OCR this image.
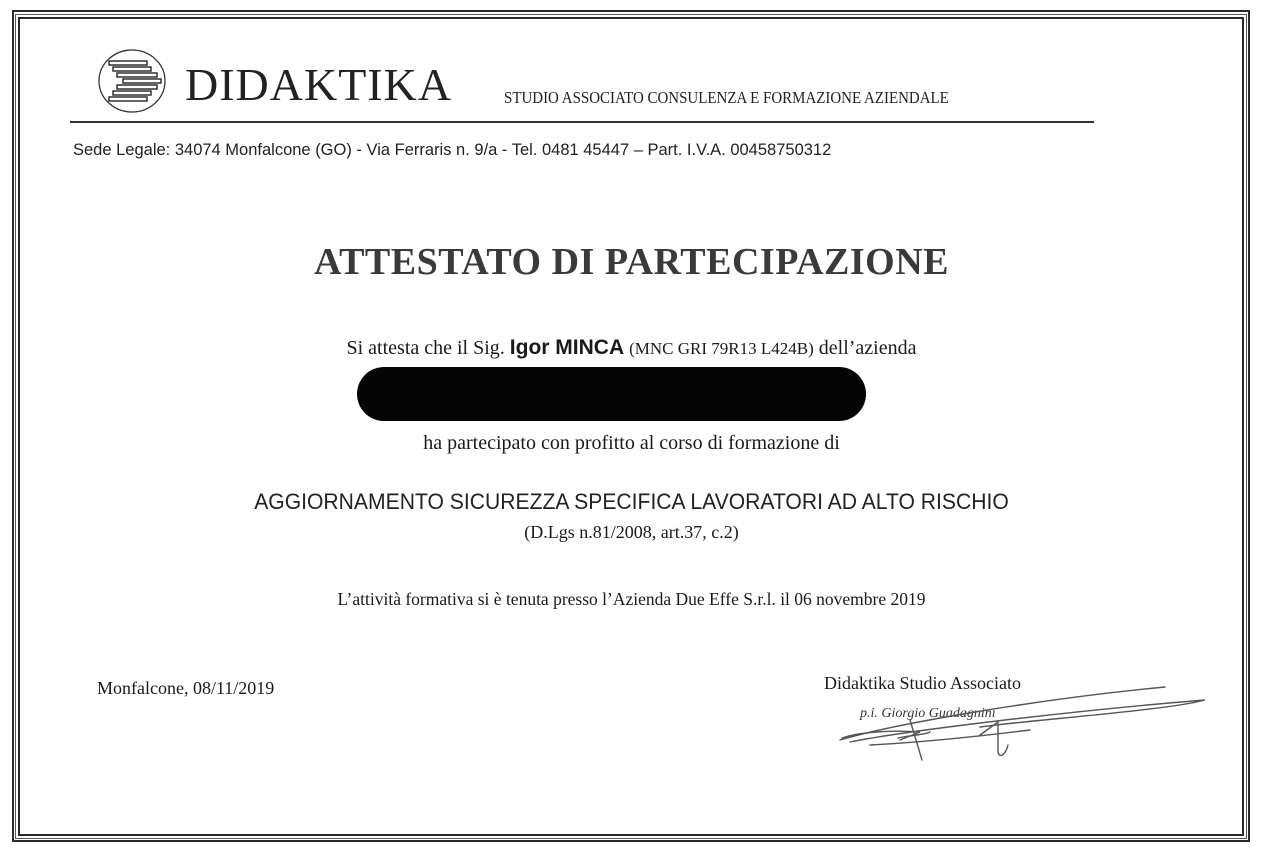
DIDAKTIKA	STUDIO ASSOCIATO CONSULENZA E FORMAZIONE AZIENDALE
Sede Legale: 34074 Monfalcone (GO) - Via Ferraris n. 9/a - Tel. 0481 45447 – Part. I.V.A. 00458750312
ATTESTATO DI PARTECIPAZIONE
Si attesta che il Sig. Igor MINCA (MNC GRI 79R13 L424B) dell’azienda
ha partecipato con profitto al corso di formazione di
AGGIORNAMENTO SICUREZZA SPECIFICA LAVORATORI AD ALTO RISCHIO
(D.Lgs n.81/2008, art.37, c.2)
L’attività formativa si è tenuta presso l’Azienda Due Effe S.r.l. il 06 novembre 2019
Monfalcone, 08/11/2019	Didaktika Studio Associato
p.i. Giorgio Guadagnini
